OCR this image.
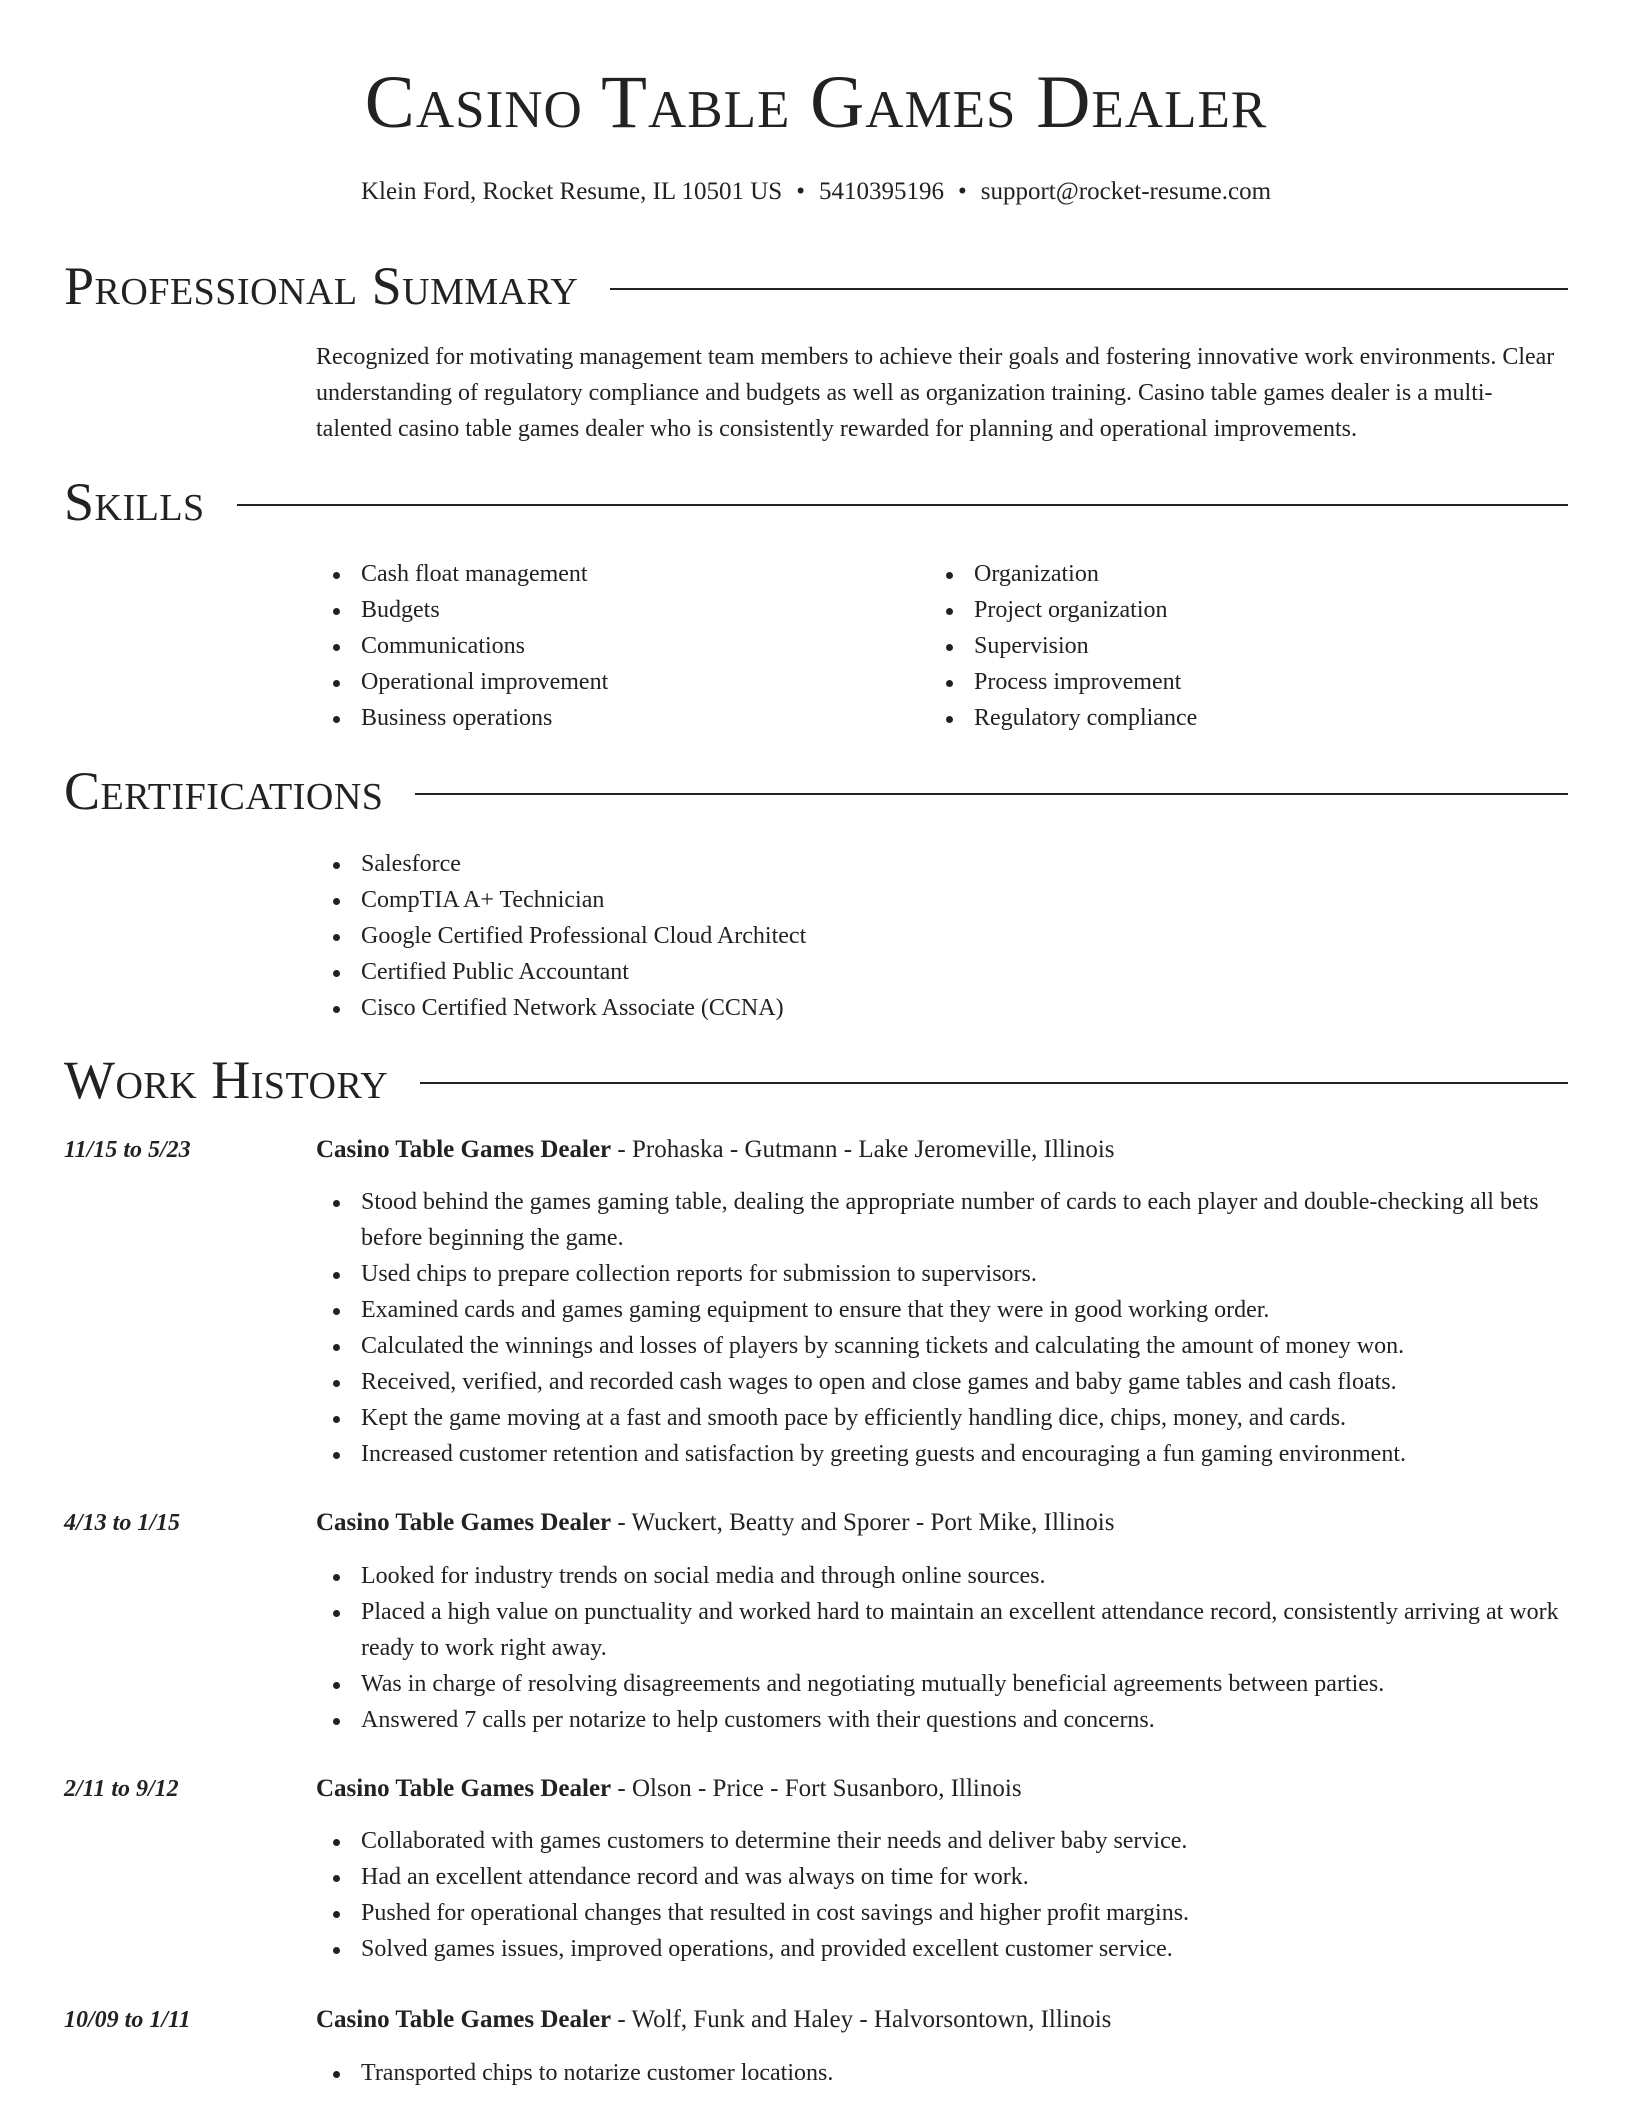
Casino Table Games Dealer
Klein Ford, Rocket Resume, IL 10501 US • 5410395196 • support@rocket-resume.com
Professional Summary

Recognized for motivating management team members to achieve their goals and fostering innovative work environments. Clear understanding of regulatory compliance and budgets as well as organization training. Casino table games dealer is a multi-talented casino table games dealer who is consistently rewarded for planning and operational improvements.

Skills
Cash float management
Budgets
Communications
Operational improvement
Business operations
Organization
Project organization
Supervision
Process improvement
Regulatory compliance
Certifications
Salesforce
CompTIA A+ Technician
Google Certified Professional Cloud Architect
Certified Public Accountant
Cisco Certified Network Associate (CCNA)
Work History
11/15 to 5/23	Casino Table Games Dealer - Prohaska - Gutmann - Lake Jeromeville, Illinois
Stood behind the games gaming table, dealing the appropriate number of cards to each player and double-checking all bets before beginning the game.
Used chips to prepare collection reports for submission to supervisors.
Examined cards and games gaming equipment to ensure that they were in good working order.
Calculated the winnings and losses of players by scanning tickets and calculating the amount of money won.
Received, verified, and recorded cash wages to open and close games and baby game tables and cash floats.
Kept the game moving at a fast and smooth pace by efficiently handling dice, chips, money, and cards.
Increased customer retention and satisfaction by greeting guests and encouraging a fun gaming environment.
4/13 to 1/15	Casino Table Games Dealer - Wuckert, Beatty and Sporer - Port Mike, Illinois
Looked for industry trends on social media and through online sources.
Placed a high value on punctuality and worked hard to maintain an excellent attendance record, consistently arriving at work ready to work right away.
Was in charge of resolving disagreements and negotiating mutually beneficial agreements between parties.
Answered 7 calls per notarize to help customers with their questions and concerns.
2/11 to 9/12	Casino Table Games Dealer - Olson - Price - Fort Susanboro, Illinois
Collaborated with games customers to determine their needs and deliver baby service.
Had an excellent attendance record and was always on time for work.
Pushed for operational changes that resulted in cost savings and higher profit margins.
Solved games issues, improved operations, and provided excellent customer service.
10/09 to 1/11	Casino Table Games Dealer - Wolf, Funk and Haley - Halvorsontown, Illinois
Transported chips to notarize customer locations.
